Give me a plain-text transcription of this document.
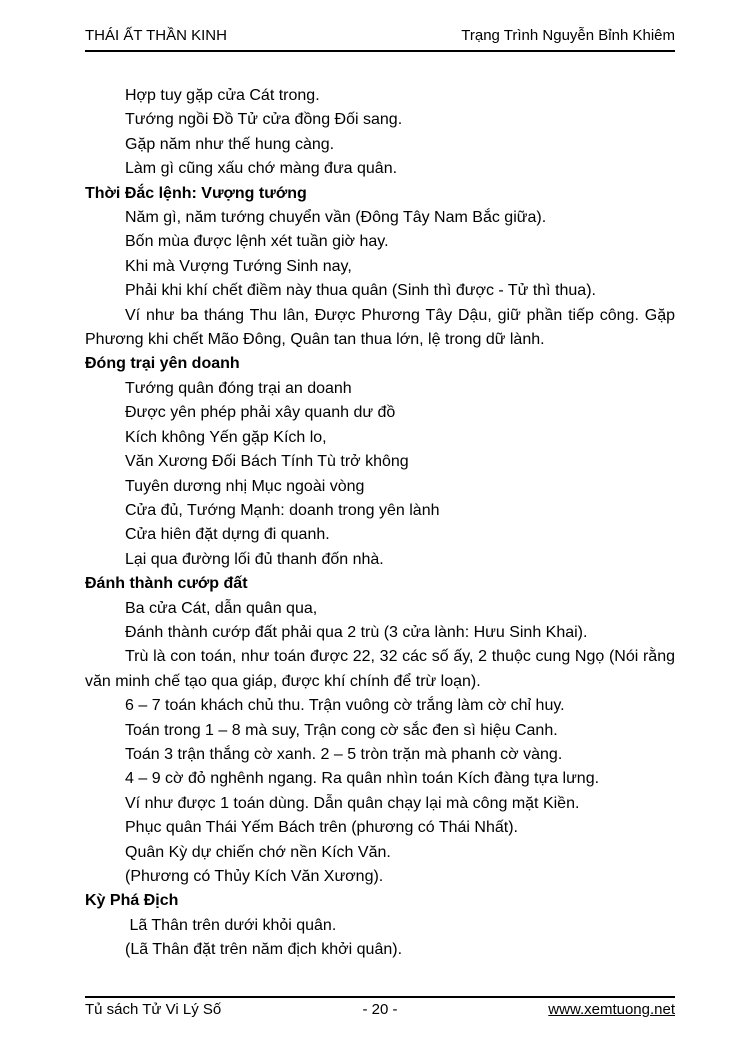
THÁI ẤT THẦN KINH	Trạng Trình Nguyễn Bỉnh Khiêm
Hợp tuy gặp cửa Cát trong.
Tướng ngồi Đồ Tử cửa đồng Đối sang.
Gặp năm như thế hung càng.
Làm gì cũng xấu chớ màng đưa quân.
Thời Đắc lệnh: Vượng tướng
Năm gì, năm tướng chuyển vần (Đông Tây Nam Bắc giữa).
Bốn mùa được lệnh xét tuần giờ hay.
Khi mà Vượng Tướng Sinh nay,
Phải khi khí chết điềm này thua quân (Sinh thì được - Tử thì thua).
Ví như ba tháng Thu lân, Được Phương Tây Dậu, giữ phần tiếp công. Gặp
Phương khi chết Mão Đông, Quân tan thua lớn, lệ trong dữ lành.
Đóng trại yên doanh
Tướng quân đóng trại an doanh
Được yên phép phải xây quanh dư đồ
Kích không Yến gặp Kích lo,
Văn Xương Đối Bách Tính Tù trở không
Tuyên dương nhị Mục ngoài vòng
Cửa đủ, Tướng Mạnh: doanh trong yên lành
Cửa hiên đặt dựng đi quanh.
Lại qua đường lối đủ thanh đốn nhà.
Đánh thành cướp đất
Ba cửa Cát, dẫn quân qua,
Đánh thành cướp đất phải qua 2 trù (3 cửa lành: Hưu Sinh Khai).
Trù là con toán, như toán được 22, 32 các số ấy, 2 thuộc cung Ngọ (Nói rằng
văn minh chế tạo qua giáp, được khí chính để trừ loạn).
6 – 7 toán khách chủ thu. Trận vuông cờ trắng làm cờ chỉ huy.
Toán trong 1 – 8 mà suy, Trận cong cờ sắc đen sì hiệu Canh.
Toán 3 trận thắng cờ xanh. 2 – 5 tròn trặn mà phanh cờ vàng.
4 – 9 cờ đỏ nghênh ngang. Ra quân nhìn toán Kích đàng tựa lưng.
Ví như được 1 toán dùng. Dẫn quân chạy lại mà công mặt Kiền.
Phục quân Thái Yếm Bách trên (phương có Thái Nhất).
Quân Kỳ dự chiến chớ nền Kích Văn.
(Phương có Thủy Kích Văn Xương).
Kỳ Phá Địch
Lã Thân trên dưới khỏi quân.
(Lã Thân đặt trên năm địch khởi quân).
Tủ sách Tử Vi Lý Số	- 20 -	www.xemtuong.net
